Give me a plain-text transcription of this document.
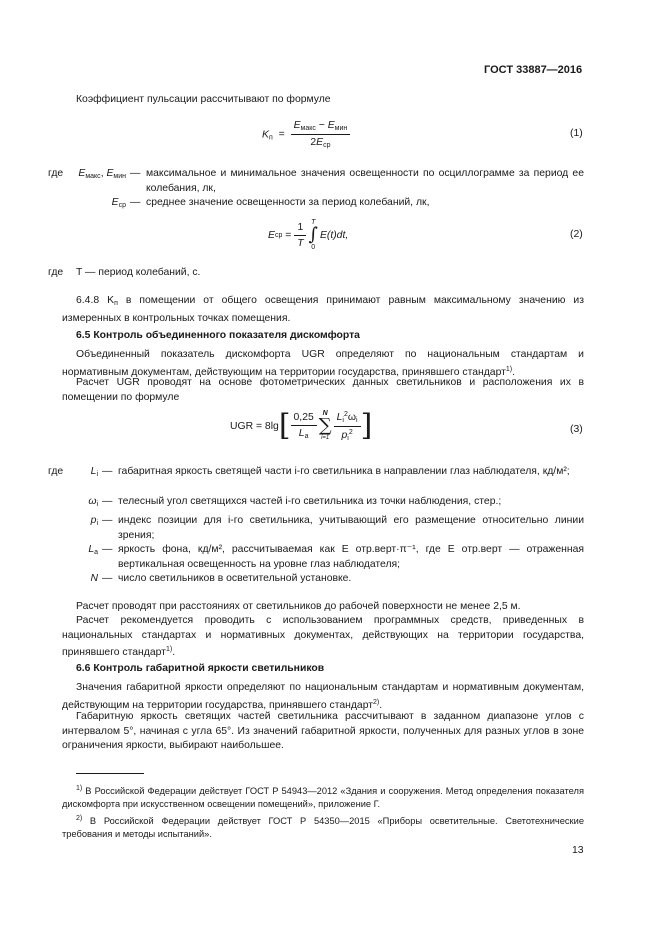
ГОСТ 33887—2016
Коэффициент пульсации рассчитывают по формуле
$K_п = \frac{E_{макс} - E_{мин}}{2E_{ср}}$	(1)
где	$E_{макс}$, $E_{мин}$ — максимальное и минимальное значения освещенности по осциллограмме за период ее колебания, лк,
$E_{ср}$ — среднее значение освещенности за период колебаний, лк,
E ср = $\frac{1}{T}$ T
∫
0
E(t)dt,	(2)
где T — период колебаний, с.
6.4.8 $K_п$ в помещении от общего освещения принимают равным максимальному значению из измеренных в контрольных точках помещения.
6.5 Контроль объединенного показателя дискомфорта
Объединенный показатель дискомфорта UGR определяют по национальным стандартам и нормативным документам, действующим на территории государства, принявшего стандарт$^{1)}$.
Расчет UGR проводят на основе фотометрических данных светильников и расположения их в помещении по формуле
UGR = 8lg [ $\frac{0,25}{L_a}$ N
∑
$i=1 \frac{L_i^2\omega_i}{p_i^2}$ ]	(3)
где	$L_i$ — габаритная яркость светящей части i-го светильника в направлении глаз наблюдателя, кд/м²;
$\omega_i$ — телесный угол светящихся частей i-го светильника из точки наблюдения, стер.;
$p_i$ — индекс позиции для i-го светильника, учитывающий его размещение относительно линии зрения;
$L_a$ — яркость фона, кд/м², рассчитываемая как E отр.верт·π⁻¹, где E отр.верт — отраженная вертикальная освещенность на уровне глаз наблюдателя;
N — число светильников в осветительной установке.
Расчет проводят при расстояниях от светильников до рабочей поверхности не менее 2,5 м.
Расчет рекомендуется проводить с использованием программных средств, приведенных в национальных стандартах и нормативных документах, действующих на территории государства, принявшего стандарт$^{1)}$.
6.6 Контроль габаритной яркости светильников
Значения габаритной яркости определяют по национальным стандартам и нормативным документам, действующим на территории государства, принявшего стандарт$^{2)}$.
Габаритную яркость светящих частей светильника рассчитывают в заданном диапазоне углов с интервалом 5°, начиная с угла 65°. Из значений габаритной яркости, полученных для разных углов в зоне ограничения яркости, выбирают наибольшее.
$^{1)}$ В Российской Федерации действует ГОСТ Р 54943—2012 «Здания и сооружения. Метод определения показателя дискомфорта при искусственном освещении помещений», приложение Г.
$^{2)}$ В Российской Федерации действует ГОСТ Р 54350—2015 «Приборы осветительные. Светотехнические требования и методы испытаний».
13
